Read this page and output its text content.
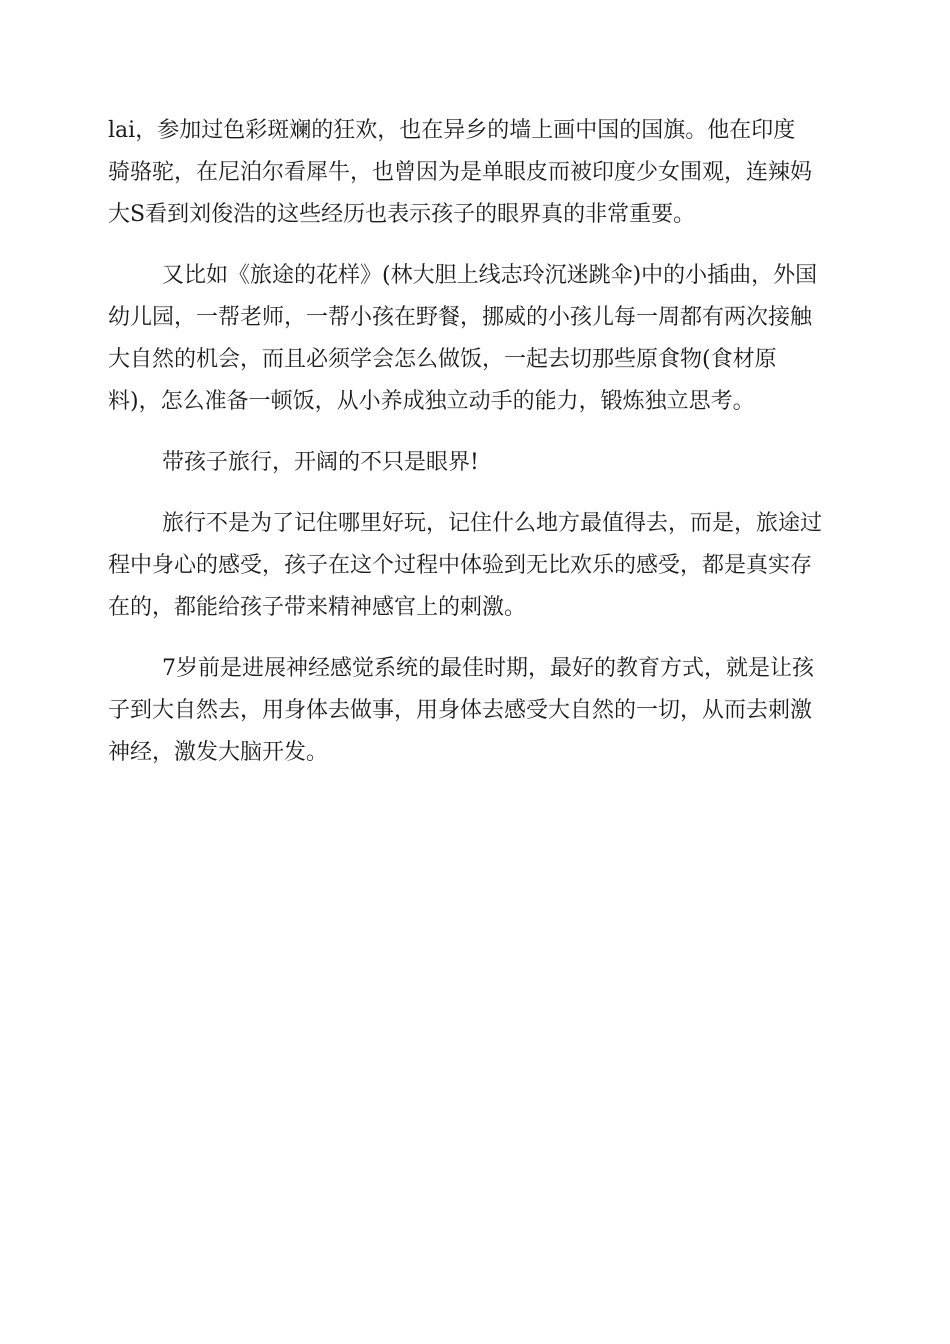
lai，参加过色彩斑斓的狂欢，也在异乡的墙上画中国的国旗。他在印度
骑骆驼，在尼泊尔看犀牛，也曾因为是单眼皮而被印度少女围观，连辣妈
大S看到刘俊浩的这些经历也表示孩子的眼界真的非常重要。

又比如《旅途的花样》(林大胆上线志玲沉迷跳伞)中的小插曲，外国
幼儿园，一帮老师，一帮小孩在野餐，挪威的小孩儿每一周都有两次接触
大自然的机会，而且必须学会怎么做饭，一起去切那些原食物(食材原
料)，怎么准备一顿饭，从小养成独立动手的能力，锻炼独立思考。

带孩子旅行，开阔的不只是眼界!

旅行不是为了记住哪里好玩，记住什么地方最值得去，而是，旅途过
程中身心的感受，孩子在这个过程中体验到无比欢乐的感受，都是真实存
在的，都能给孩子带来精神感官上的刺激。

7岁前是进展神经感觉系统的最佳时期，最好的教育方式，就是让孩
子到大自然去，用身体去做事，用身体去感受大自然的一切，从而去刺激
神经，激发大脑开发。
